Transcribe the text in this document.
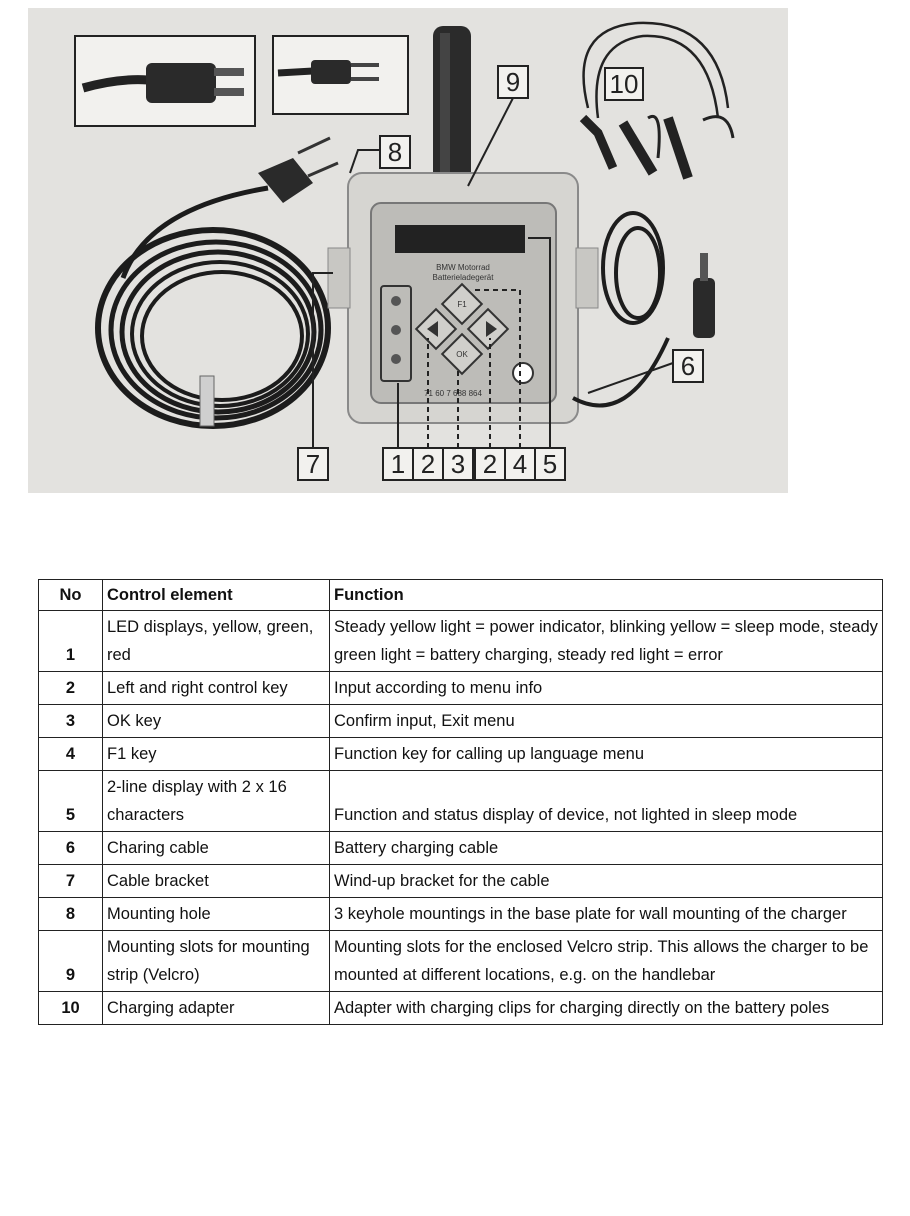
BMW Motorrad
Batterieladegerät
F1
OK
71 60 7 688 864
8
9	10
6
7	1 2 3 2 4 5
No	Control element	Function
1	LED displays, yellow, green, red	Steady yellow light = power indicator, blinking yellow = sleep mode, steady green light = battery charging, steady red light = error
2	Left and right control key	Input according to menu info
3	OK key	Confirm input, Exit menu
4	F1 key	Function key for calling up language menu
5	2-line display with 2 x 16 characters	Function and status display of device, not lighted in sleep mode
6	Charing cable	Battery charging cable
7	Cable bracket	Wind-up bracket for the cable
8	Mounting hole	3 keyhole mountings in the base plate for wall mounting of the charger
9	Mounting slots for mounting strip (Velcro)	Mounting slots for the enclosed Velcro strip. This allows the charger to be mounted at different locations, e.g. on the handlebar
10	Charging adapter	Adapter with charging clips for charging directly on the battery poles
